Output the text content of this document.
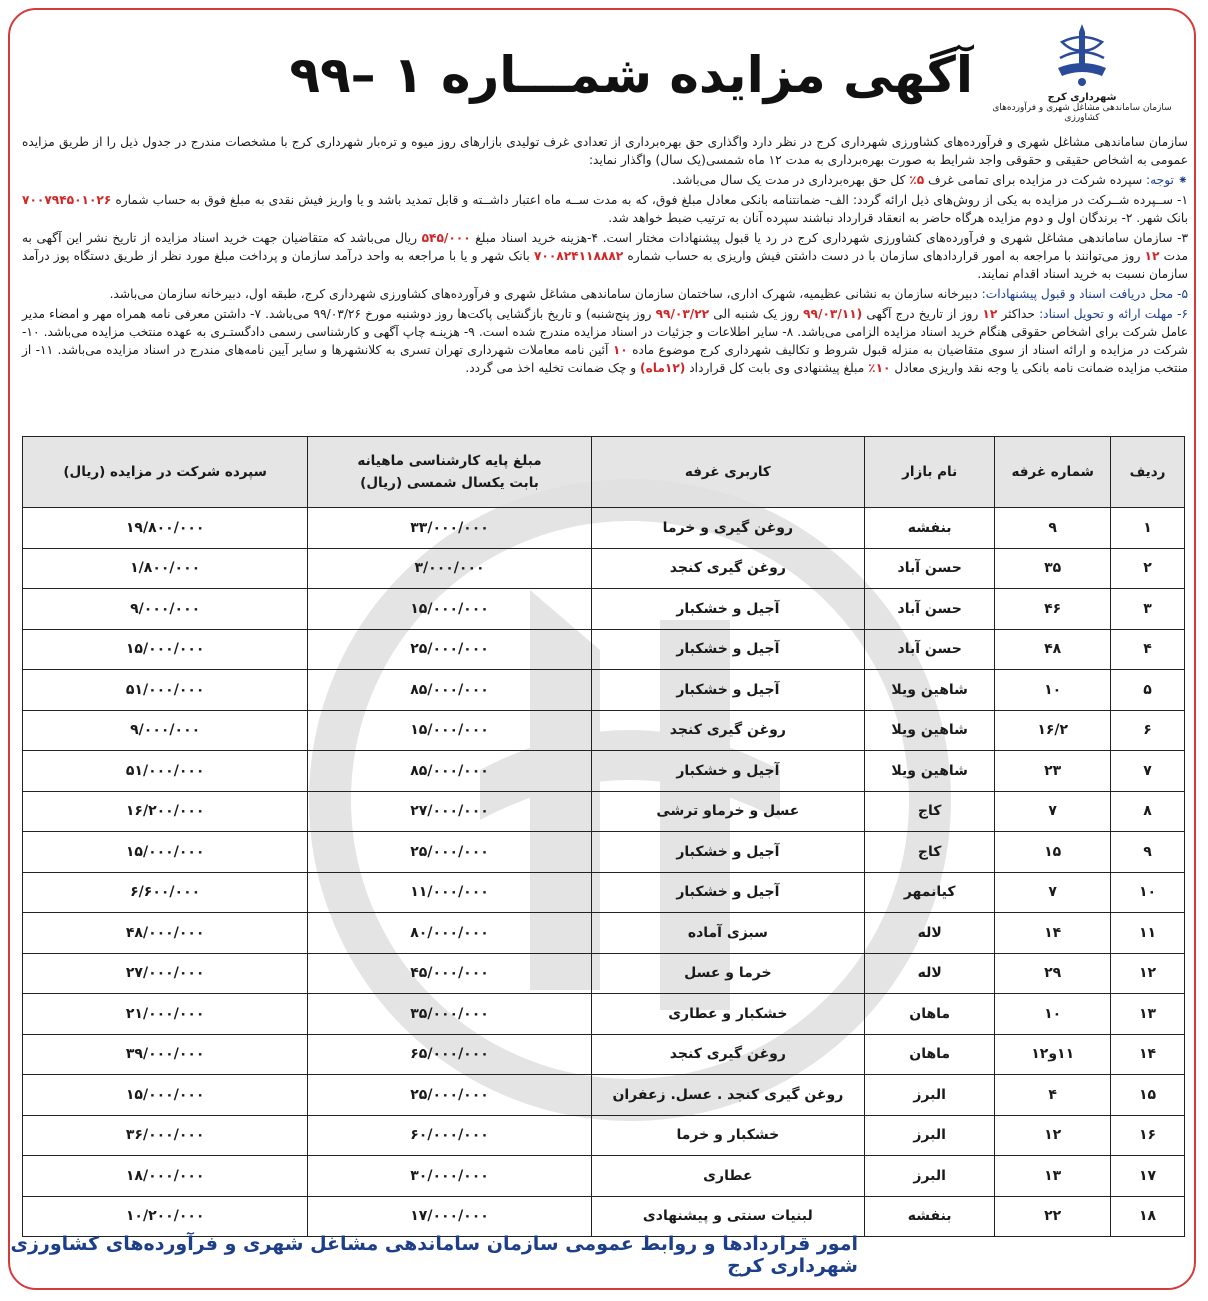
شهرداری کرج
سازمان ساماندهی مشاغل شهری و فرآورده‌های کشاورزی
آگهی مزایده شمـــاره ۱ –۹۹

سازمان ساماندهی مشاغل شهری و فرآورده‌های کشاورزی شهرداری کرج در نظر دارد واگذاری حق بهره‌برداری از تعدادی غرف تولیدی بازارهای روز میوه و تره‌بار شهرداری کرج با مشخصات مندرج در جدول ذیل را از طریق مزایده عمومی به اشخاص حقیقی و حقوقی واجد شرایط به صورت بهره‌برداری به مدت ۱۲ ماه شمسی(یک سال) واگذار نماید:

⁕ توجه: سپرده شرکت در مزایده برای تمامی غرف ۵٪ کل حق بهره‌برداری در مدت یک سال می‌باشد.

۱- ســپرده شــرکت در مزایده به یکی از روش‌های ذیل ارائه گردد: الف- ضمانتنامه بانکی معادل مبلغ فوق، که به مدت ســه ماه اعتبار داشــته و قابل تمدید باشد و یا واریز فیش نقدی به مبلغ فوق به حساب شماره ۷۰۰۷۹۴۵۰۱۰۲۶ بانک شهر. ۲- برندگان اول و دوم مزایده هرگاه حاضر به انعقاد قرارداد نباشند سپرده آنان به ترتیب ضبط خواهد شد.

۳- سازمان ساماندهی مشاغل شهری و فرآورده‌های کشاورزی شهرداری کرج در رد یا قبول پیشنهادات مختار است. ۴-هزینه خرید اسناد مبلغ ۵۴۵/۰۰۰ ریال می‌باشد که متقاضیان جهت خرید اسناد مزایده از تاریخ نشر این آگهی به مدت ۱۲ روز می‌توانند با مراجعه به امور قراردادهای سازمان با در دست داشتن فیش واریزی به حساب شماره ۷۰۰۸۲۴۱۱۸۸۸۲ بانک شهر و یا با مراجعه به واحد درآمد سازمان و پرداخت مبلغ مورد نظر از طریق دستگاه پوز درآمد سازمان نسبت به خرید اسناد اقدام نمایند.

۵- محل دریافت اسناد و قبول پیشنهادات: دبیرخانه سازمان به نشانی عظیمیه، شهرک اداری، ساختمان سازمان ساماندهی مشاغل شهری و فرآورده‌های کشاورزی شهرداری کرج، طبقه اول، دبیرخانه سازمان می‌باشد.

۶- مهلت ارائه و تحویل اسناد: حداکثر ۱۲ روز از تاریخ درج آگهی (۹۹/۰۳/۱۱ روز یک شنبه الی ۹۹/۰۳/۲۲ روز پنج‌شنبه) و تاریخ بازگشایی پاکت‌ها روز دوشنبه مورخ ۹۹/۰۳/۲۶ می‌باشد. ۷- داشتن معرفی نامه همراه مهر و امضاء مدیر عامل شرکت برای اشخاص حقوقی هنگام خرید اسناد مزایده الزامی می‌باشد. ۸- سایر اطلاعات و جزئیات در اسناد مزایده مندرج شده است. ۹- هزینـه چاپ آگهی و کارشناسی رسمی دادگستـری به عهده منتخب مزایده می‌باشد. ۱۰- شرکت در مزایده و ارائه اسناد از سوی متقاضیان به منزله قبول شروط و تکالیف شهرداری کرج موضوع ماده ۱۰ آئین نامه معاملات شهرداری تهران تسری به کلانشهرها و سایر آیین نامه‌های مندرج در اسناد مزایده می‌باشد. ۱۱- از منتخب مزایده ضمانت نامه بانکی یا وجه نقد واریزی معادل ۱۰٪ مبلغ پیشنهادی وی بابت کل قرارداد (۱۲ماه) و چک ضمانت تخلیه اخذ می گردد.

ردیف	شماره غرفه	نام بازار	کاربری غرفه	مبلغ پایه کارشناسی ماهیانه
بابت یکسال شمسی (ریال)	سپرده شرکت در مزایده (ریال)
۱	۹	بنفشه	روغن گیری و خرما	۳۳/۰۰۰/۰۰۰	۱۹/۸۰۰/۰۰۰
۲	۳۵	حسن آباد	روغن گیری کنجد	۳/۰۰۰/۰۰۰	۱/۸۰۰/۰۰۰
۳	۴۶	حسن آباد	آجیل و خشکبار	۱۵/۰۰۰/۰۰۰	۹/۰۰۰/۰۰۰
۴	۴۸	حسن آباد	آجیل و خشکبار	۲۵/۰۰۰/۰۰۰	۱۵/۰۰۰/۰۰۰
۵	۱۰	شاهین ویلا	آجیل و خشکبار	۸۵/۰۰۰/۰۰۰	۵۱/۰۰۰/۰۰۰
۶	۱۶/۲	شاهین ویلا	روغن گیری کنجد	۱۵/۰۰۰/۰۰۰	۹/۰۰۰/۰۰۰
۷	۲۳	شاهین ویلا	آجیل و خشکبار	۸۵/۰۰۰/۰۰۰	۵۱/۰۰۰/۰۰۰
۸	۷	کاج	عسل و خرماو ترشی	۲۷/۰۰۰/۰۰۰	۱۶/۲۰۰/۰۰۰
۹	۱۵	کاج	آجیل و خشکبار	۲۵/۰۰۰/۰۰۰	۱۵/۰۰۰/۰۰۰
۱۰	۷	کیانمهر	آجیل و خشکبار	۱۱/۰۰۰/۰۰۰	۶/۶۰۰/۰۰۰
۱۱	۱۴	لاله	سبزی آماده	۸۰/۰۰۰/۰۰۰	۴۸/۰۰۰/۰۰۰
۱۲	۲۹	لاله	خرما و عسل	۴۵/۰۰۰/۰۰۰	۲۷/۰۰۰/۰۰۰
۱۳	۱۰	ماهان	خشکبار و عطاری	۳۵/۰۰۰/۰۰۰	۲۱/۰۰۰/۰۰۰
۱۴	۱۱و۱۲	ماهان	روغن گیری کنجد	۶۵/۰۰۰/۰۰۰	۳۹/۰۰۰/۰۰۰
۱۵	۴	البرز	روغن گیری کنجد . عسل. زعفران	۲۵/۰۰۰/۰۰۰	۱۵/۰۰۰/۰۰۰
۱۶	۱۲	البرز	خشکبار و خرما	۶۰/۰۰۰/۰۰۰	۳۶/۰۰۰/۰۰۰
۱۷	۱۳	البرز	عطاری	۳۰/۰۰۰/۰۰۰	۱۸/۰۰۰/۰۰۰
۱۸	۲۲	بنفشه	لبنیات سنتی و پیشنهادی	۱۷/۰۰۰/۰۰۰	۱۰/۲۰۰/۰۰۰
امور قراردادها و روابط عمومی سازمان ساماندهی مشاغل شهری و فرآورده‌های کشاورزی شهرداری کرج
